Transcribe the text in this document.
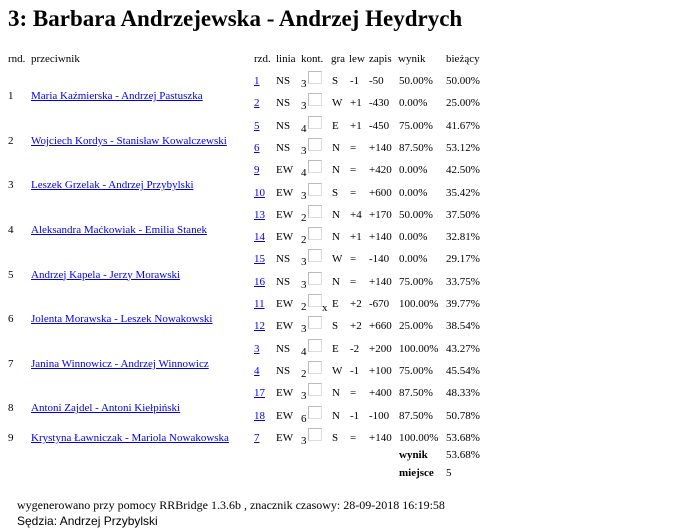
3: Barbara Andrzejewska - Andrzej Heydrych
rnd. przeciwnik	rzd. linia kont. gra lew zapis wynik bieżący
wynik 53.68%
miejsce 5
1 Maria Kaźmierska - Andrzej Pastuszka
1 NS 3 S -1 -50 50.00% 50.00%
2 NS 3 W +1 -430 0.00% 25.00%
2 Wojciech Kordys - Stanisław Kowalczewski
5 NS 4 E +1 -450 75.00% 41.67%
6 NS 3 N = +140 87.50% 53.12%
3 Leszek Grzelak - Andrzej Przybylski
9 EW 4 N = +420 0.00% 42.50%
10 EW 3 S = +600 0.00% 35.42%
4 Aleksandra Maćkowiak - Emilia Stanek
13 EW 2 N +4 +170 50.00% 37.50%
14 EW 2 N +1 +140 0.00% 32.81%
5 Andrzej Kapela - Jerzy Morawski
15 NS 3 W = -140 0.00% 29.17%
16 NS 3 N = +140 75.00% 33.75%
6 Jolenta Morawska - Leszek Nowakowski
11 EW 2 x E +2 -670 100.00% 39.77%
12 EW 3 S +2 +660 25.00% 38.54%
7 Janina Winnowicz - Andrzej Winnowicz
3 NS 4 E -2 +200 100.00% 43.27%
4 NS 2 W -1 +100 75.00% 45.54%
8 Antoni Zajdel - Antoni Kiełpiński
17 EW 3 N = +400 87.50% 48.33%
18 EW 6 N -1 -100 87.50% 50.78%
9 Krystyna Ławniczak - Mariola Nowakowska 7 EW 3 S = +140 100.00% 53.68%
wygenerowano przy pomocy RRBridge 1.3.6b , znacznik czasowy: 28-09-2018 16:19:58
Sędzia: Andrzej Przybylski
